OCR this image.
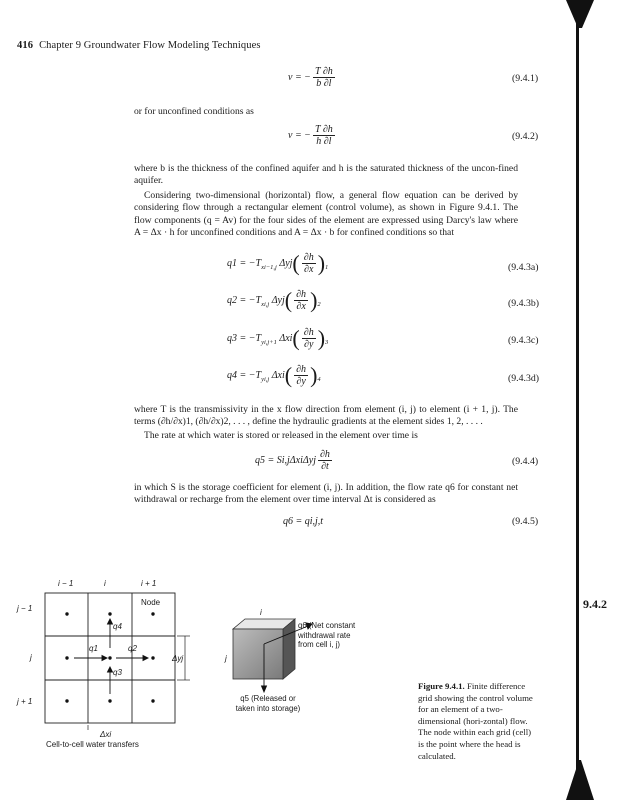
416 Chapter 9 Groundwater Flow Modeling Techniques
v = − $\frac{T \partial h}{b \partial l}$	(9.4.1)
or for unconfined conditions as
v = − $\frac{T \partial h}{h \partial l}$	(9.4.2)
where b is the thickness of the confined aquifer and h is the saturated thickness of the uncon-fined aquifer.
Considering two-dimensional (horizontal) flow, a general flow equation can be derived by considering flow through a rectangular element (control volume), as shown in Figure 9.4.1. The flow components (q = Av) for the four sides of the element are expressed using Darcy's law where A = Δx · h for unconfined conditions and A = Δx · b for confined conditions so that
$q1 = -T_{xi-1,j}$ $\Delta yj( \frac{\partial h}{\partial x} )_1$	(9.4.3a)
$q2 = -T_{xi,j}$ $\Delta yj( \frac{\partial h}{\partial x} )_2$	(9.4.3b)
$q3 = -T_{yi,j+1}$ $\Delta xi( \frac{\partial h}{\partial y} )_3$	(9.4.3c)
$q4 = -T_{yi,j}$ $\Delta xi( \frac{\partial h}{\partial y} )_4$	(9.4.3d)
where T is the transmissivity in the x flow direction from element (i, j) to element (i + 1, j). The terms (∂h/∂x)1, (∂h/∂x)2, . . . , define the hydraulic gradients at the element sides 1, 2, . . . .
The rate at which water is stored or released in the element over time is
$q5 = Si,j\Delta xi\Delta yj \frac{\partial h}{\partial t}$	(9.4.4)
in which S is the storage coefficient for element (i, j). In addition, the flow rate q6 for constant net withdrawal or recharge from the element over time interval Δt is considered as
q6 = qi,j,t	(9.4.5)
9.4.2
i − 1	i	i + 1
j − 1
j
j + 1
Node
q4
q1	q2
q3
Δyj
Δxi
Cell-to-cell water transfers
i
j
q6 (Net constant withdrawal rate from cell i, j)
q5 (Released or taken into storage)
Figure 9.4.1. Finite difference grid showing the control volume for an element of a two-dimensional (hori-zontal) flow. The node within each grid (cell) is the point where the head is calculated.
